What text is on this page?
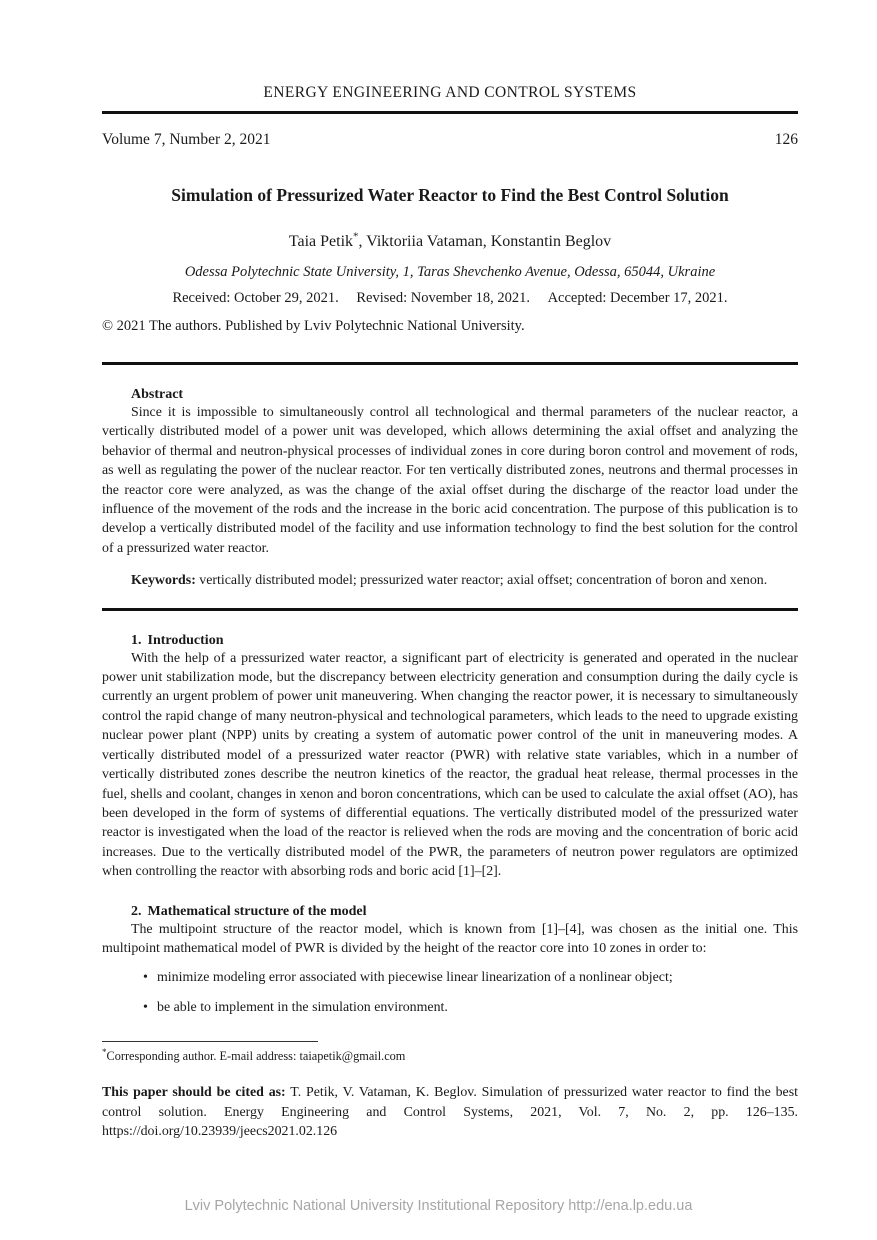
ENERGY ENGINEERING AND CONTROL SYSTEMS
Volume 7, Number 2, 2021	126
Simulation of Pressurized Water Reactor to Find the Best Control Solution
Taia Petik*, Viktoriia Vataman, Konstantin Beglov
Odessa Polytechnic State University, 1, Taras Shevchenko Avenue, Odessa, 65044, Ukraine
Received: October 29, 2021. Revised: November 18, 2021. Accepted: December 17, 2021.
© 2021 The authors. Published by Lviv Polytechnic National University.
Abstract

Since it is impossible to simultaneously control all technological and thermal parameters of the nuclear reactor, a vertically distributed model of a power unit was developed, which allows determining the axial offset and analyzing the behavior of thermal and neutron-physical processes of individual zones in core during boron control and movement of rods, as well as regulating the power of the nuclear reactor. For ten vertically distributed zones, neutrons and thermal processes in the reactor core were analyzed, as was the change of the axial offset during the discharge of the reactor load under the influence of the movement of the rods and the increase in the boric acid concentration. The purpose of this publication is to develop a vertically distributed model of the facility and use information technology to find the best solution for the control of a pressurized water reactor.

Keywords: vertically distributed model; pressurized water reactor; axial offset; concentration of boron and xenon.
1. Introduction

With the help of a pressurized water reactor, a significant part of electricity is generated and operated in the nuclear power unit stabilization mode, but the discrepancy between electricity generation and consumption during the daily cycle is currently an urgent problem of power unit maneuvering. When changing the reactor power, it is necessary to simultaneously control the rapid change of many neutron-physical and technological parameters, which leads to the need to upgrade existing nuclear power plant (NPP) units by creating a system of automatic power control of the unit in maneuvering modes. A vertically distributed model of a pressurized water reactor (PWR) with relative state variables, which in a number of vertically distributed zones describe the neutron kinetics of the reactor, the gradual heat release, thermal processes in the fuel, shells and coolant, changes in xenon and boron concentrations, which can be used to calculate the axial offset (AO), has been developed in the form of systems of differential equations. The vertically distributed model of the pressurized water reactor is investigated when the load of the reactor is relieved when the rods are moving and the concentration of boric acid increases. Due to the vertically distributed model of the PWR, the parameters of neutron power regulators are optimized when controlling the reactor with absorbing rods and boric acid [1]–[2].

2. Mathematical structure of the model

The multipoint structure of the reactor model, which is known from [1]–[4], was chosen as the initial one. This multipoint mathematical model of PWR is divided by the height of the reactor core into 10 zones in order to:

• minimize modeling error associated with piecewise linear linearization of a nonlinear object;
• be able to implement in the simulation environment.
*Corresponding author. E-mail address: taiapetik@gmail.com
This paper should be cited as: T. Petik, V. Vataman, K. Beglov. Simulation of pressurized water reactor to find the best control solution. Energy Engineering and Control Systems, 2021, Vol. 7, No. 2, pp. 126–135. https://doi.org/10.23939/jeecs2021.02.126
Lviv Polytechnic National University Institutional Repository http://ena.lp.edu.ua
